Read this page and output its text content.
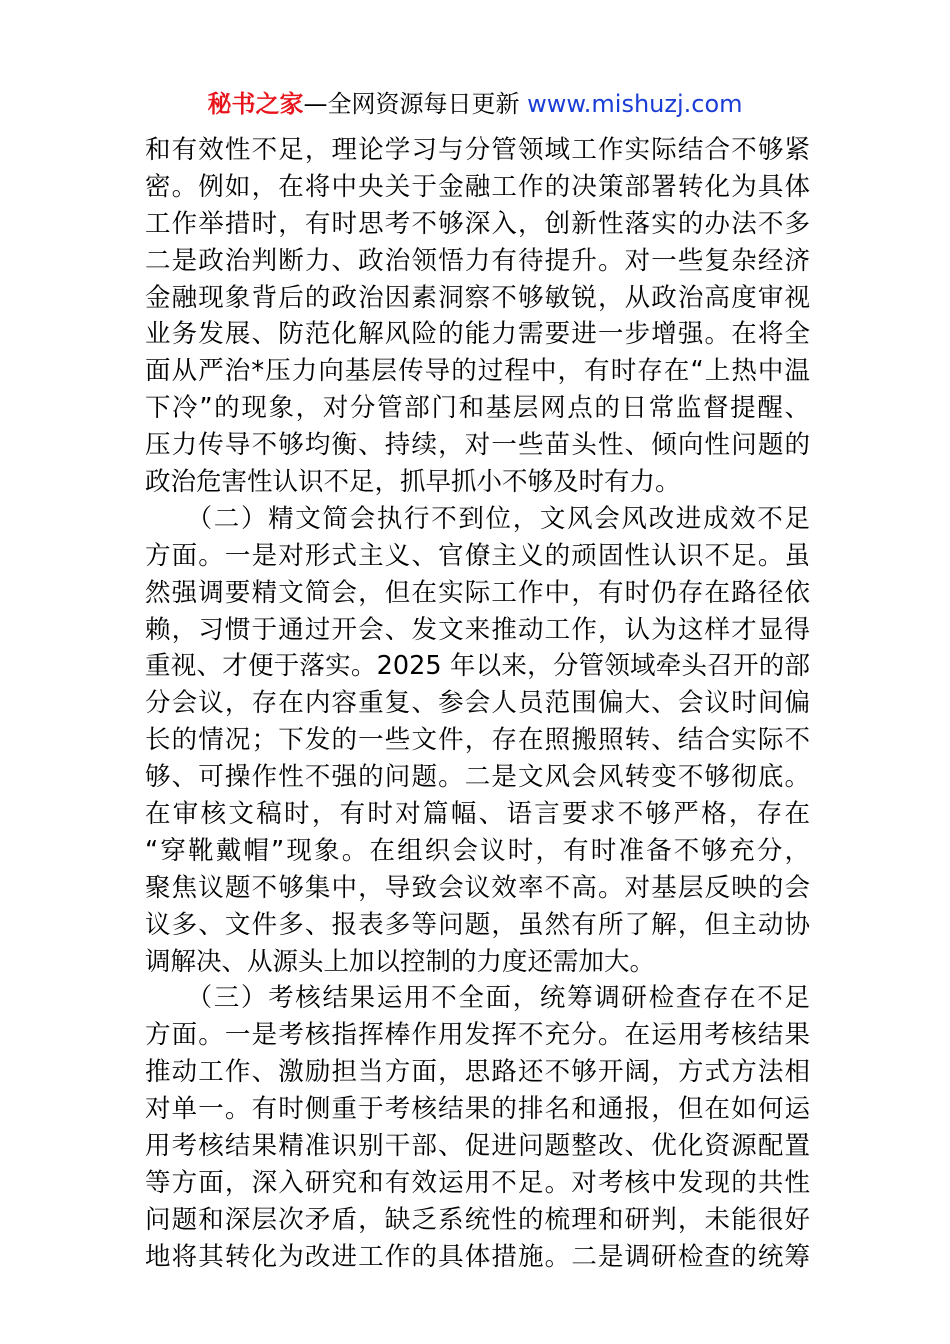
秘书之家—全网资源每日更新 www.mishuzj.com
和有效性不足，理论学习与分管领域工作实际结合不够紧
密。例如，在将中央关于金融工作的决策部署转化为具体
工作举措时，有时思考不够深入，创新性落实的办法不多
二是政治判断力、政治领悟力有待提升。对一些复杂经济
金融现象背后的政治因素洞察不够敏锐，从政治高度审视
业务发展、防范化解风险的能力需要进一步增强。在将全
面从严治*压力向基层传导的过程中，有时存在“上热中温
下冷”的现象，对分管部门和基层网点的日常监督提醒、
压力传导不够均衡、持续，对一些苗头性、倾向性问题的
政治危害性认识不足，抓早抓小不够及时有力。
　　（二）精文简会执行不到位，文风会风改进成效不足
方面。一是对形式主义、官僚主义的顽固性认识不足。虽
然强调要精文简会，但在实际工作中，有时仍存在路径依
赖，习惯于通过开会、发文来推动工作，认为这样才显得
重视、才便于落实。2025 年以来，分管领域牵头召开的部
分会议，存在内容重复、参会人员范围偏大、会议时间偏
长的情况；下发的一些文件，存在照搬照转、结合实际不
够、可操作性不强的问题。二是文风会风转变不够彻底。
在审核文稿时，有时对篇幅、语言要求不够严格，存在
“穿靴戴帽”现象。在组织会议时，有时准备不够充分，
聚焦议题不够集中，导致会议效率不高。对基层反映的会
议多、文件多、报表多等问题，虽然有所了解，但主动协
调解决、从源头上加以控制的力度还需加大。
　　（三）考核结果运用不全面，统筹调研检查存在不足
方面。一是考核指挥棒作用发挥不充分。在运用考核结果
推动工作、激励担当方面，思路还不够开阔，方式方法相
对单一。有时侧重于考核结果的排名和通报，但在如何运
用考核结果精准识别干部、促进问题整改、优化资源配置
等方面，深入研究和有效运用不足。对考核中发现的共性
问题和深层次矛盾，缺乏系统性的梳理和研判，未能很好
地将其转化为改进工作的具体措施。二是调研检查的统筹
